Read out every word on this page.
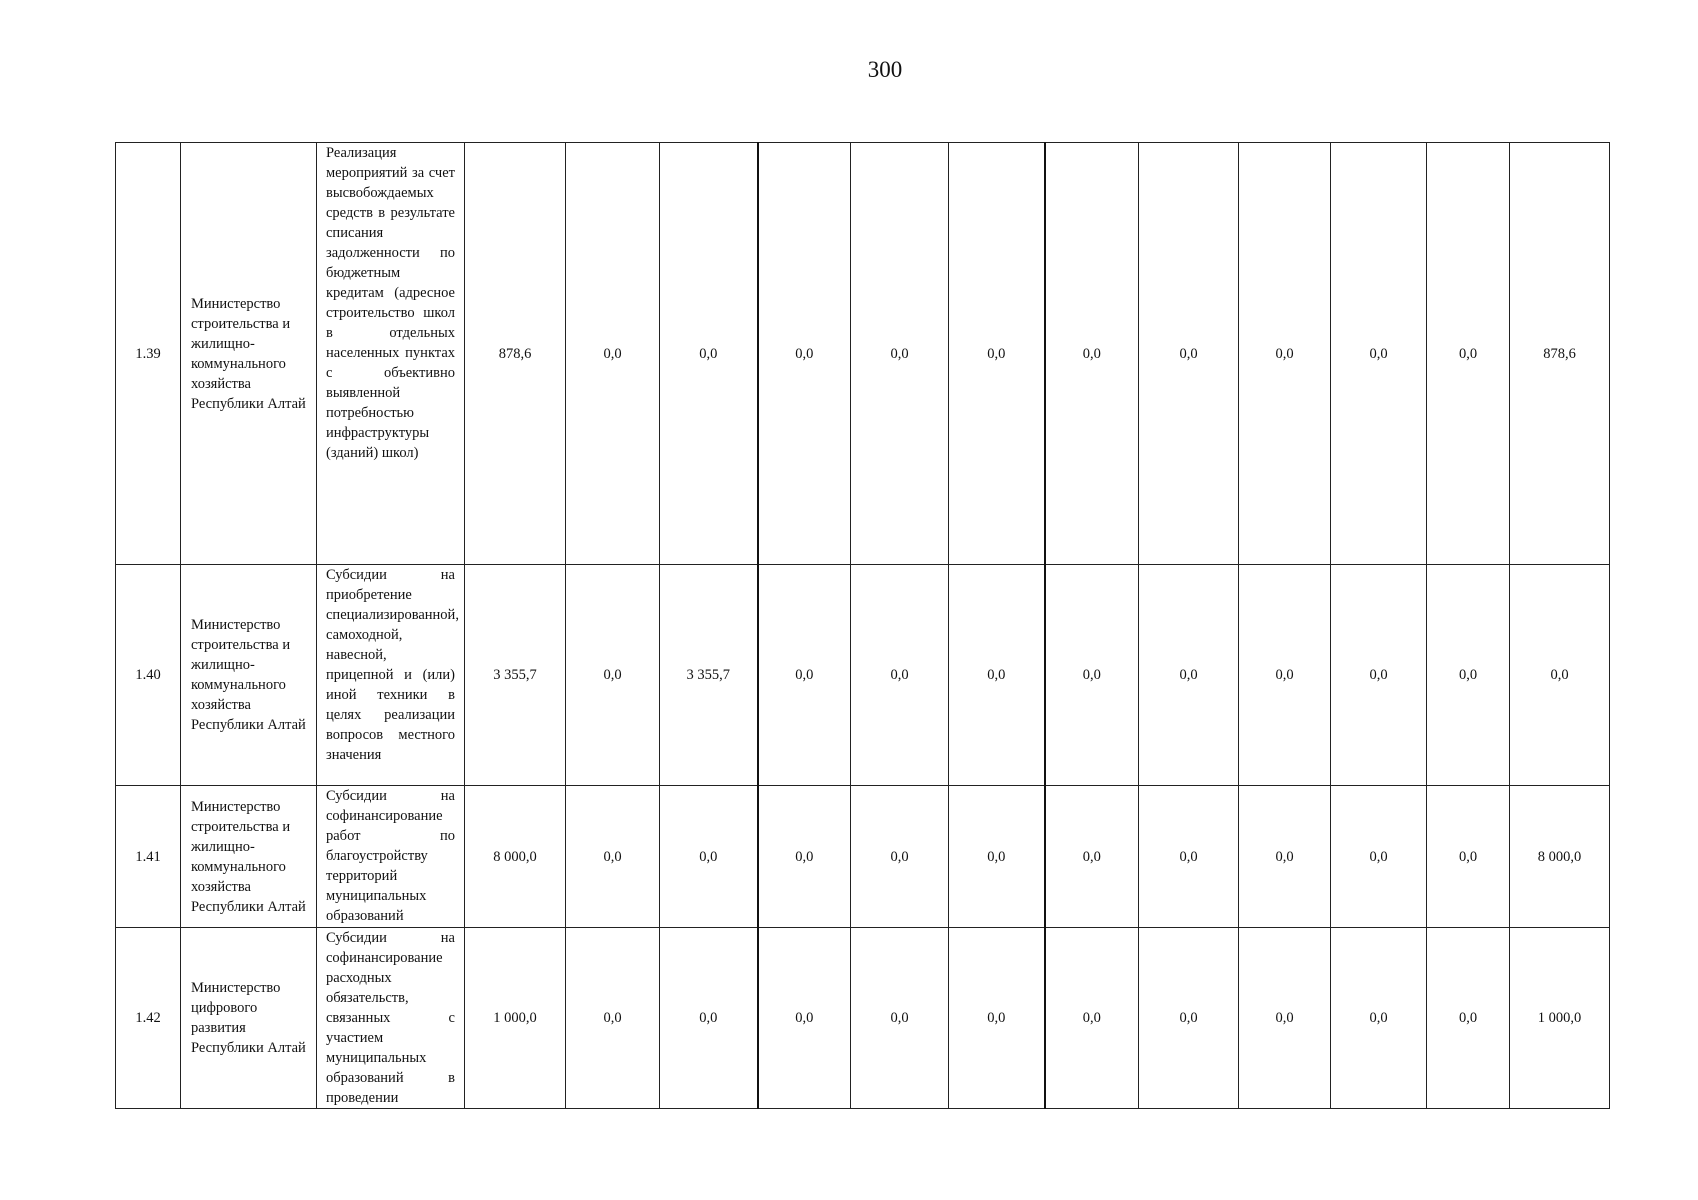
300
1.39	Министерство строительства и жилищно-коммунального хозяйства Республики Алтай	Реализация мероприятий за счет высвобождаемых средств в результате списания задолженности по бюджетным кредитам (адресное строительство школ в отдельных населенных пунктах с объективно выявленной потребностью инфраструктуры (зданий) школ)	878,6	0,0	0,0	0,0	0,0	0,0	0,0	0,0	0,0	0,0	0,0	878,6
1.40	Министерство строительства и жилищно-коммунального хозяйства Республики Алтай	Субсидии на приобретение специализированной, самоходной, навесной, прицепной и (или) иной техники в целях реализации вопросов местного значения	3 355,7	0,0	3 355,7	0,0	0,0	0,0	0,0	0,0	0,0	0,0	0,0	0,0
1.41	Министерство строительства и жилищно-коммунального хозяйства Республики Алтай	Субсидии на софинансирование работ по благоустройству территорий муниципальных образований	8 000,0	0,0	0,0	0,0	0,0	0,0	0,0	0,0	0,0	0,0	0,0	8 000,0
1.42	Министерство цифрового развития Республики Алтай	Субсидии на софинансирование расходных обязательств, связанных с участием муниципальных образований в проведении	1 000,0	0,0	0,0	0,0	0,0	0,0	0,0	0,0	0,0	0,0	0,0	1 000,0
